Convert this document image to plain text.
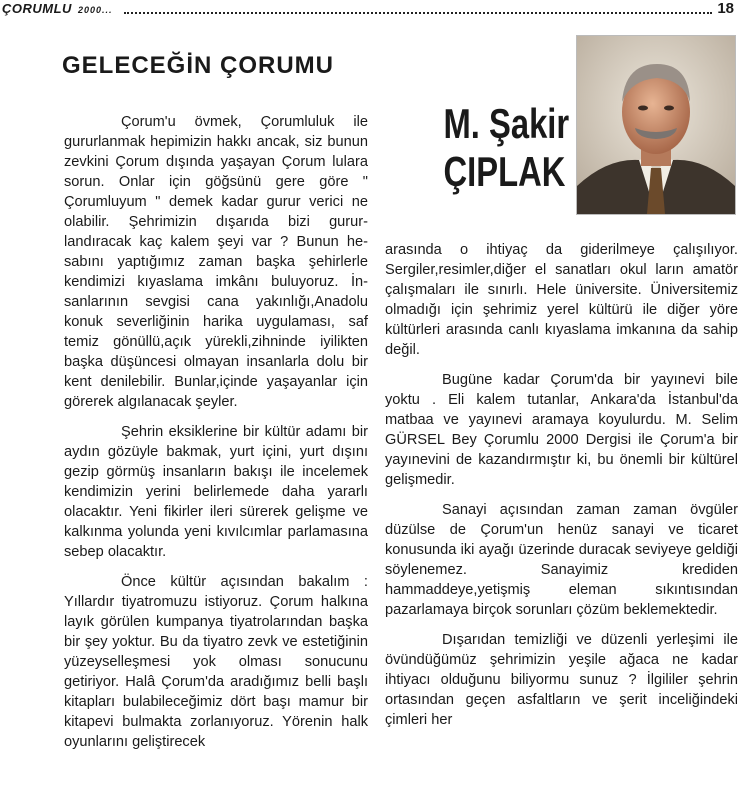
ÇORUMLU 2000...	18
GELECEĞİN ÇORUMU
M. Şakir
ÇIPLAK

Çorum'u övmek, Çorumluluk ile gururlanmak hepimizin hakkı ancak, siz bunun zevkini Çorum dışında yaşayan Çorum lulara sorun. Onlar için göğsünü gere göre " Çorumluyum " demek kadar gurur verici ne olabilir. Şehrimizin dışarıda bizi gurur-landıracak kaç kalem şeyi var ? Bunun he-sabını yaptığımız zaman başka şehirlerle kendimizi kıyaslama imkânı buluyoruz. İn-sanlarının sevgisi cana yakınlığı,Anadolu konuk severliğinin harika uygulaması, saf temiz gönüllü,açık yürekli,zihninde iyilikten başka düşüncesi olmayan insanlarla dolu bir kent denilebilir. Bunlar,içinde yaşayanlar için görerek algılanacak şeyler.

Şehrin eksiklerine bir kültür adamı bir aydın gözüyle bakmak, yurt içini, yurt dışını gezip görmüş insanların bakışı ile incelemek kendimizin yerini belirlemede daha yararlı olacaktır. Yeni fikirler ileri sürerek gelişme ve kalkınma yolunda yeni kıvılcımlar parlamasına sebep olacaktır.

Önce kültür açısından bakalım : Yıllardır tiyatromuzu istiyoruz. Çorum halkına layık görülen kumpanya tiyatrolarından başka bir şey yoktur. Bu da tiyatro zevk ve estetiğinin yüzeyselleşmesi yok olması sonucunu getiriyor. Halâ Çorum'da aradığımız belli başlı kitapları bulabileceğimiz dört başı mamur bir kitapevi bulmakta zorlanıyoruz. Yörenin halk oyunlarını geliştirecek

arasında o ihtiyaç da giderilmeye çalışılıyor. Sergiler,resimler,diğer el sanatları okul ların amatör çalışmaları ile sınırlı. Hele üniversite. Üniversitemiz olmadığı için şehrimiz yerel kültürü ile diğer yöre kültürleri arasında canlı kıyaslama imkanına da sahip değil.

Bugüne kadar Çorum'da bir yayınevi bile yoktu . Eli kalem tutanlar, Ankara'da İstanbul'da matbaa ve yayınevi aramaya koyulurdu. M. Selim GÜRSEL Bey Çorumlu 2000 Dergisi ile Çorum'a bir yayınevini de kazandırmıştır ki, bu önemli bir kültürel gelişmedir.

Sanayi açısından zaman zaman övgüler düzülse de Çorum'un henüz sanayi ve ticaret konusunda iki ayağı üzerinde duracak seviyeye geldiği söylenemez. Sanayimiz krediden hammaddeye,yetişmiş eleman sıkıntısından pazarlamaya birçok sorunları çözüm beklemektedir.

Dışarıdan temizliği ve düzenli yerleşimi ile övündüğümüz şehrimizin yeşile ağaca ne kadar ihtiyacı olduğunu biliyormu sunuz ? İlgililer şehrin ortasından geçen asfaltların ve şerit inceliğindeki çimleri her
